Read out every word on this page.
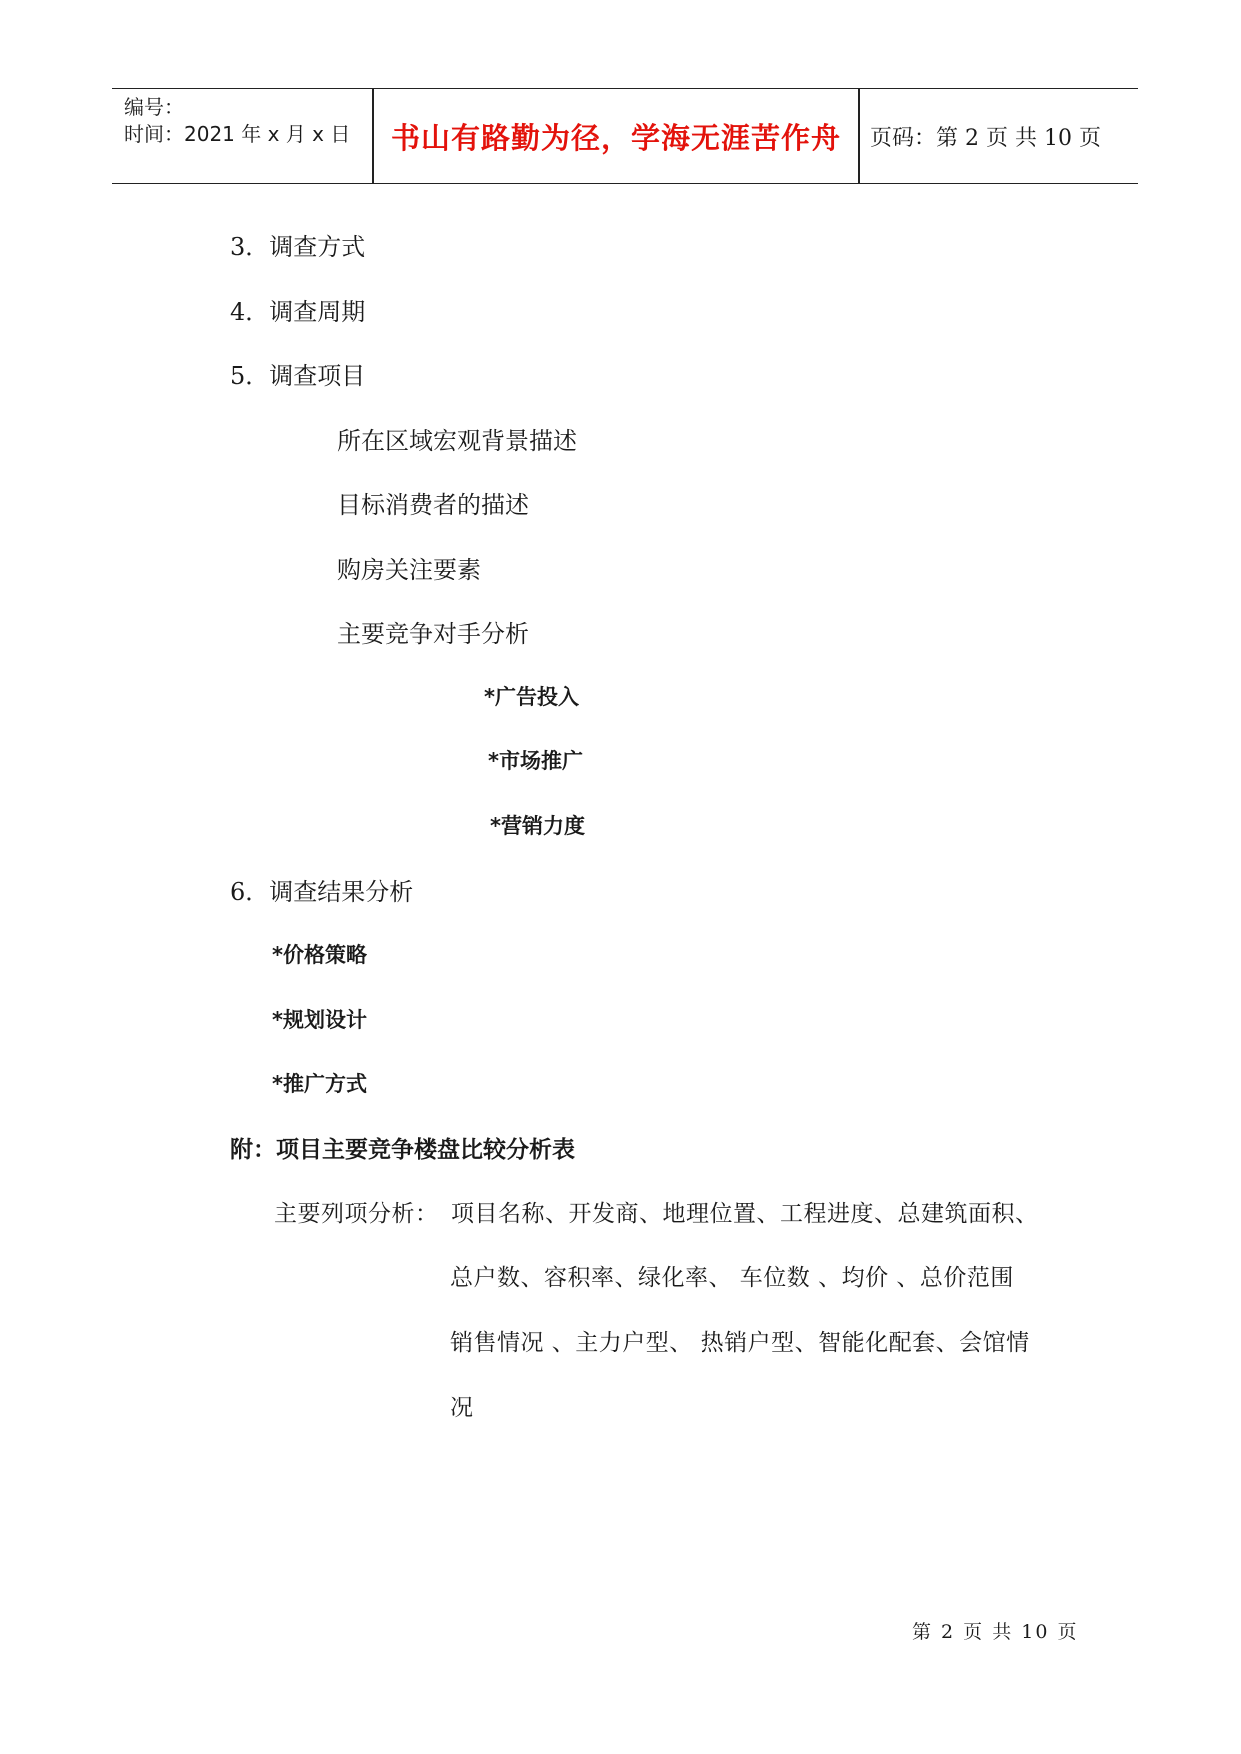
编号：
时间：2021 年 x 月 x 日	书山有路勤为径，学海无涯苦作舟	页码：第 2 页 共 10 页
3．调查方式
4．调查周期
5．调查项目
所在区域宏观背景描述
目标消费者的描述
购房关注要素
主要竞争对手分析
*广告投入
*市场推广
*营销力度
6．调查结果分析
*价格策略
*规划设计
*推广方式
附：项目主要竞争楼盘比较分析表
主要列项分析： 项目名称、开发商、地理位置、工程进度、总建筑面积、
总户数、容积率、绿化率、 车位数 、均价 、总价范围
销售情况 、主力户型、 热销户型、智能化配套、会馆情
况
第 2 页 共 10 页
